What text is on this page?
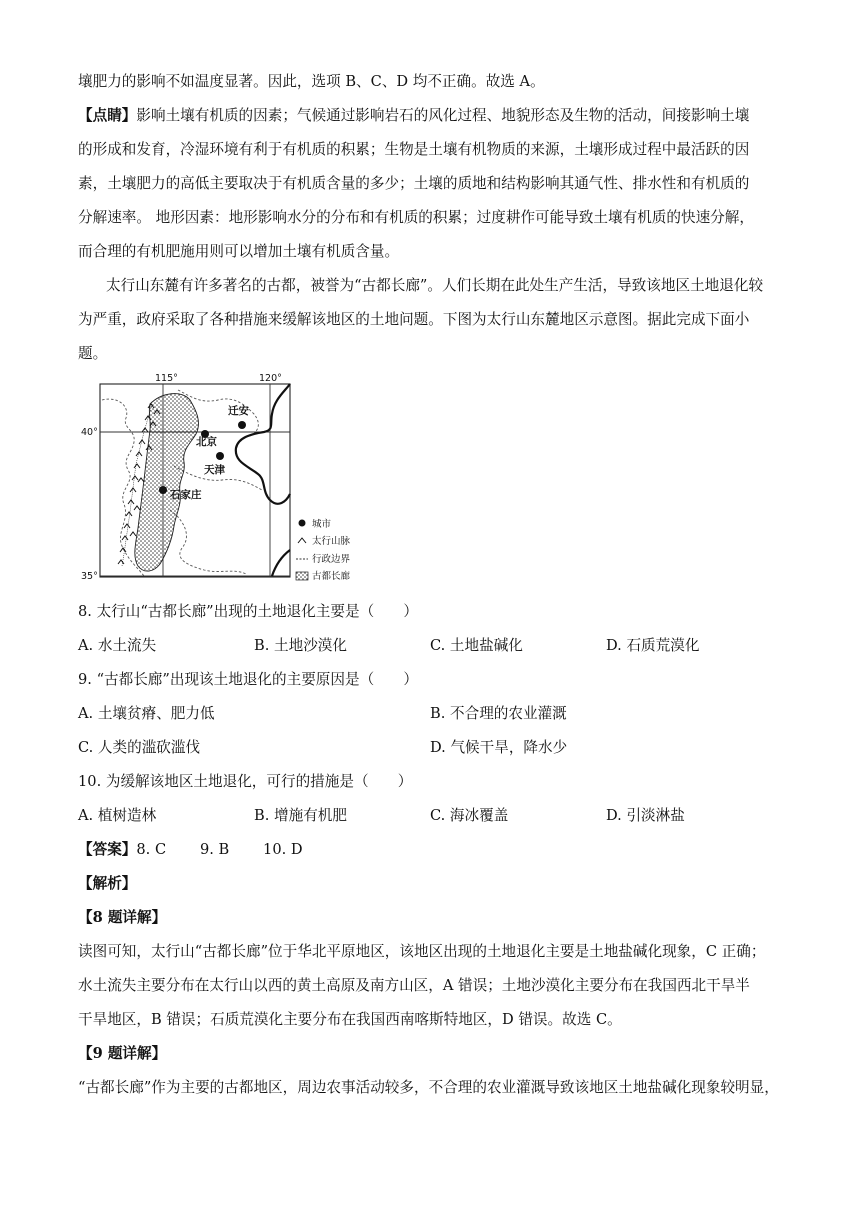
壤肥力的影响不如温度显著。因此，选项 B、C、D 均不正确。故选 A。
【点睛】影响土壤有机质的因素；气候通过影响岩石的风化过程、地貌形态及生物的活动，间接影响土壤
的形成和发育，冷湿环境有利于有机质的积累；生物是土壤有机物质的来源，土壤形成过程中最活跃的因
素，土壤肥力的高低主要取决于有机质含量的多少；土壤的质地和结构影响其通气性、排水性和有机质的
分解速率。 地形因素：地形影响水分的分布和有机质的积累；过度耕作可能导致土壤有机质的快速分解，
而合理的有机肥施用则可以增加土壤有机质含量。
太行山东麓有许多著名的古都，被誉为“古都长廊”。人们长期在此处生产生活，导致该地区土地退化较
为严重，政府采取了各种措施来缓解该地区的土地问题。下图为太行山东麓地区示意图。据此完成下面小
题。
115°	120°
40°
35°
迁安
北京
天津
石家庄
城市
太行山脉
行政边界
古都长廊
8. 太行山“古都长廊”出现的土地退化主要是（　　）
A. 水土流失	B. 土地沙漠化	C. 土地盐碱化	D. 石质荒漠化
9. “古都长廊”出现该土地退化的主要原因是（　　）
A. 土壤贫瘠、肥力低	B. 不合理的农业灌溉
C. 人类的滥砍滥伐	D. 气候干旱，降水少
10. 为缓解该地区土地退化，可行的措施是（　　）
A. 植树造林	B. 增施有机肥	C. 海冰覆盖	D. 引淡淋盐
【答案】8. C　　 9. B　　 10. D
【解析】
【8 题详解】
读图可知，太行山“古都长廊”位于华北平原地区，该地区出现的土地退化主要是土地盐碱化现象，C 正确；
水土流失主要分布在太行山以西的黄土高原及南方山区，A 错误；土地沙漠化主要分布在我国西北干旱半
干旱地区，B 错误；石质荒漠化主要分布在我国西南喀斯特地区，D 错误。故选 C。
【9 题详解】
“古都长廊”作为主要的古都地区，周边农事活动较多，不合理的农业灌溉导致该地区土地盐碱化现象较明显，
